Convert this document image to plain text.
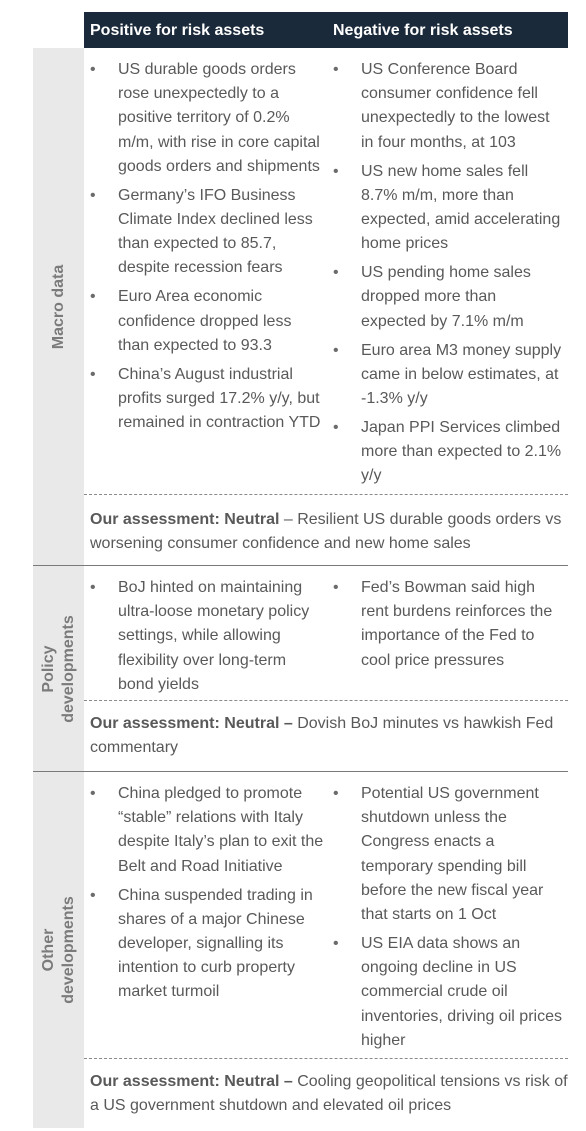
Positive for risk assets	Negative for risk assets
Macro data
• US durable goods orders rose unexpectedly to a positive territory of 0.2% m/m, with rise in core capital goods orders and shipments
• Germany’s IFO Business Climate Index declined less than expected to 85.7, despite recession fears
• Euro Area economic confidence dropped less than expected to 93.3
• China’s August industrial profits surged 17.2% y/y, but remained in contraction YTD
• US Conference Board consumer confidence fell unexpectedly to the lowest in four months, at 103
• US new home sales fell 8.7% m/m, more than expected, amid accelerating home prices
• US pending home sales dropped more than expected by 7.1% m/m
• Euro area M3 money supply came in below estimates, at -1.3% y/y
• Japan PPI Services climbed more than expected to 2.1% y/y
Our assessment: Neutral – Resilient US durable goods orders vs worsening consumer confidence and new home sales
Policy developments
• BoJ hinted on maintaining ultra-loose monetary policy settings, while allowing flexibility over long-term bond yields
• Fed’s Bowman said high rent burdens reinforces the importance of the Fed to cool price pressures
Our assessment: Neutral – Dovish BoJ minutes vs hawkish Fed commentary
Other developments
• China pledged to promote “stable” relations with Italy despite Italy’s plan to exit the Belt and Road Initiative
• China suspended trading in shares of a major Chinese developer, signalling its intention to curb property market turmoil
• Potential US government shutdown unless the Congress enacts a temporary spending bill before the new fiscal year that starts on 1 Oct
• US EIA data shows an ongoing decline in US commercial crude oil inventories, driving oil prices higher
Our assessment: Neutral – Cooling geopolitical tensions vs risk of a US government shutdown and elevated oil prices
